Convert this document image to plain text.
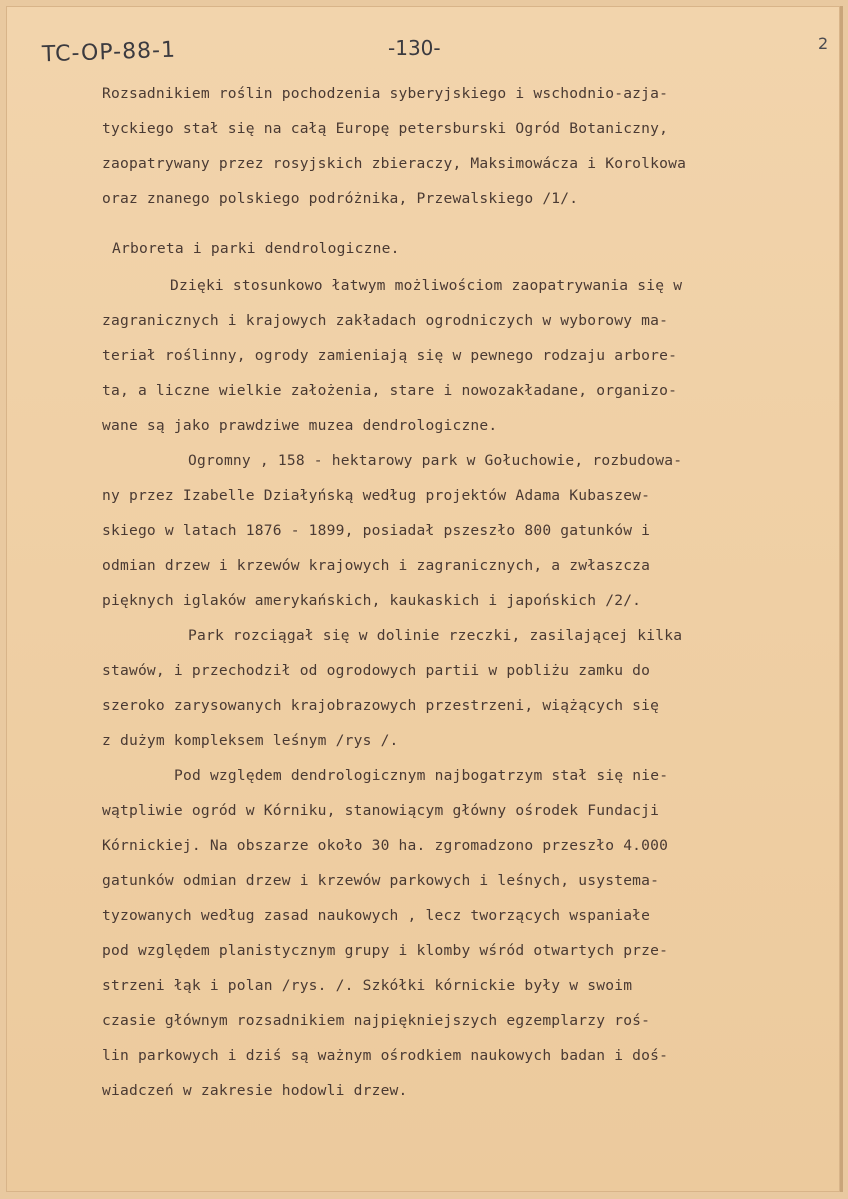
TC-OP-88-1	-130-	2
Rozsadnikiem roślin pochodzenia syberyjskiego i wschodnio-azja-
tyckiego stał się na całą Europę petersburski Ogród Botaniczny,
zaopatrywany przez rosyjskich zbieraczy, Maksimowácza i Korolkowa
oraz znanego polskiego podróżnika, Przewalskiego /1/.
Arboreta i parki dendrologiczne.
Dzięki stosunkowo łatwym możliwościom zaopatrywania się w
zagranicznych i krajowych zakładach ogrodniczych w wyborowy ma-
teriał roślinny, ogrody zamieniają się w pewnego rodzaju arbore-
ta, a liczne wielkie założenia, stare i nowozakładane, organizo-
wane są jako prawdziwe muzea dendrologiczne.
Ogromny , 158 - hektarowy park w Gołuchowie, rozbudowa-
ny przez Izabelle Działyńską według projektów Adama Kubaszew-
skiego w latach 1876 - 1899, posiadał pszeszło 800 gatunków i
odmian drzew i krzewów krajowych i zagranicznych, a zwłaszcza
pięknych iglaków amerykańskich, kaukaskich i japońskich /2/.
Park rozciągał się w dolinie rzeczki, zasilającej kilka
stawów, i przechodził od ogrodowych partii w pobliżu zamku do
szeroko zarysowanych krajobrazowych przestrzeni, wiążących się
z dużym kompleksem leśnym /rys /.
Pod względem dendrologicznym najbogatrzym stał się nie-
wątpliwie ogród w Kórniku, stanowiącym główny ośrodek Fundacji
Kórnickiej. Na obszarze około 30 ha. zgromadzono przeszło 4.000
gatunków odmian drzew i krzewów parkowych i leśnych, usystema-
tyzowanych według zasad naukowych , lecz tworzących wspaniałe
pod względem planistycznym grupy i klomby wśród otwartych prze-
strzeni łąk i polan /rys. /. Szkółki kórnickie były w swoim
czasie głównym rozsadnikiem najpiękniejszych egzemplarzy roś-
lin parkowych i dziś są ważnym ośrodkiem naukowych badan i doś-
wiadczeń w zakresie hodowli drzew.
